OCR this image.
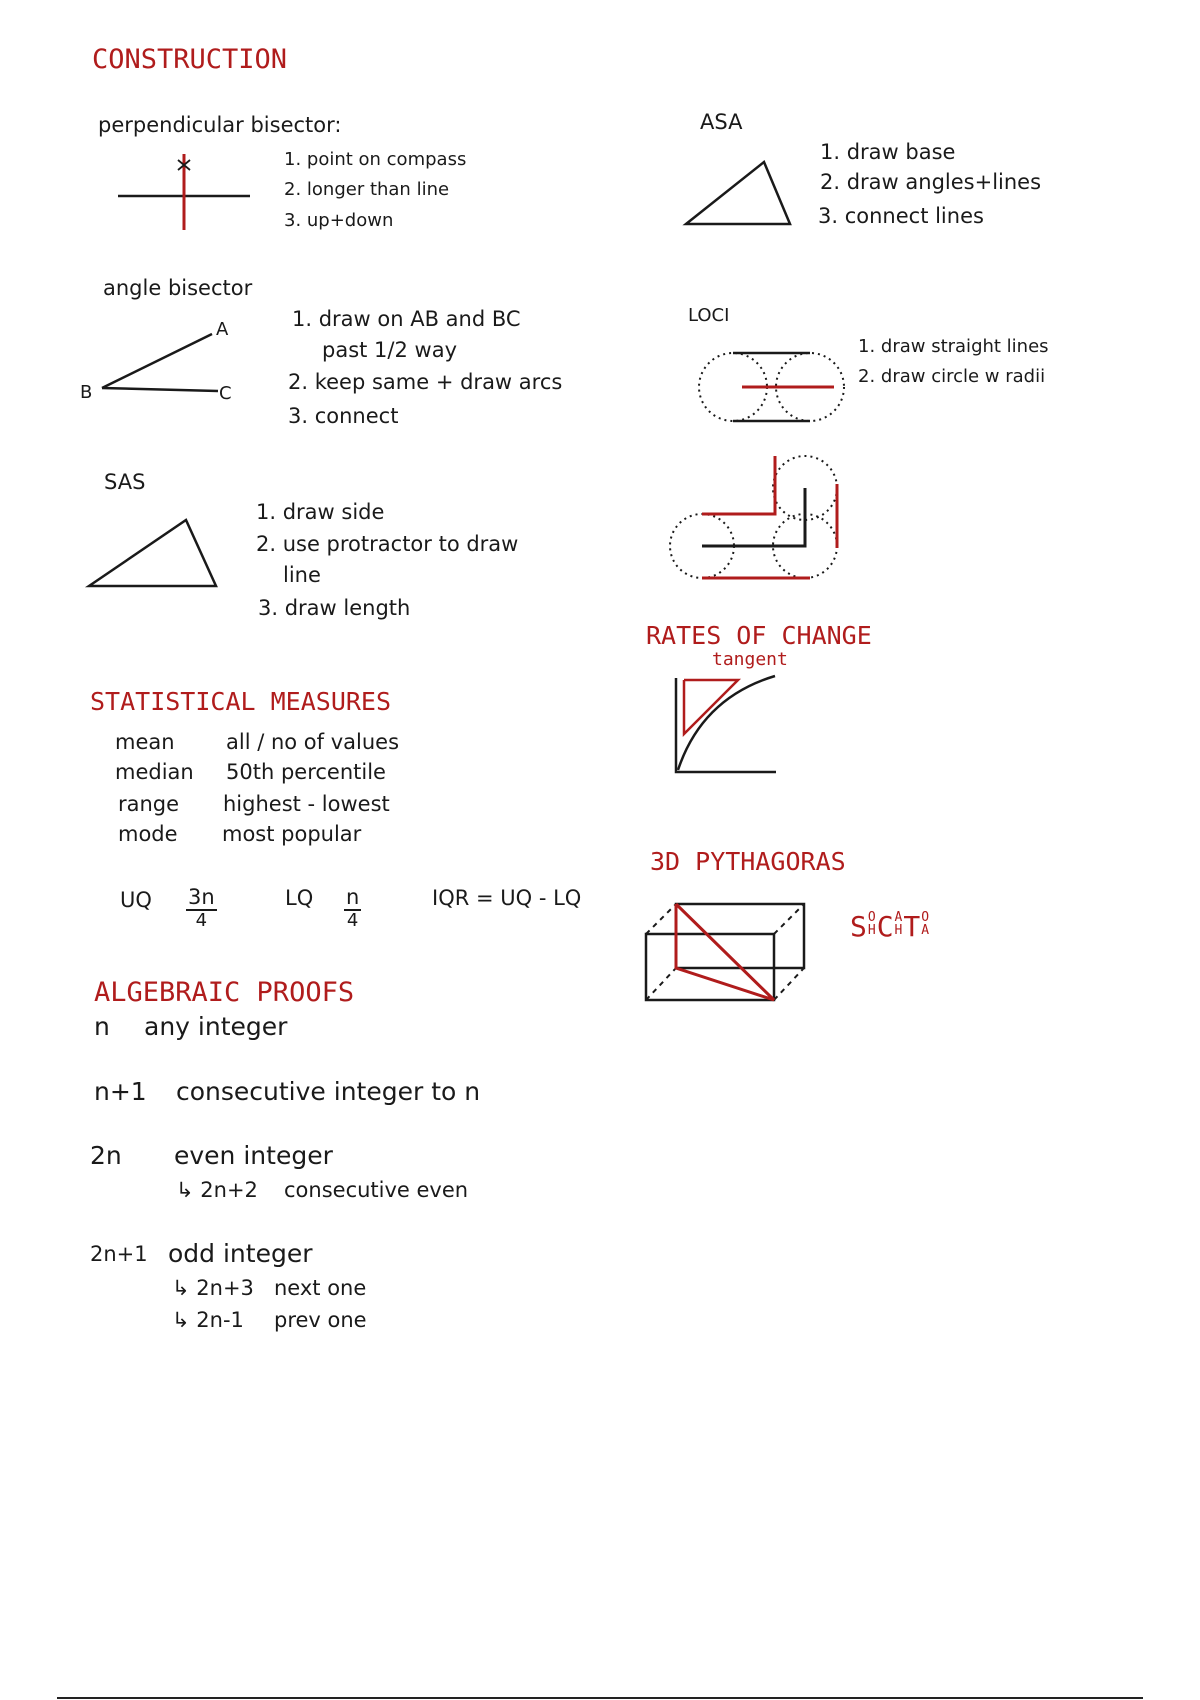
CONSTRUCTION
perpendicular bisector:
1. point on compass
2. longer than line
3. up+down
angle bisector
A
B	C
1. draw on AB and BC
past 1/2 way
2. keep same + draw arcs
3. connect
SAS
1. draw side
2. use protractor to draw
line
3. draw length
ASA
1. draw base
2. draw angles+lines
3. connect lines
LOCI
1. draw straight lines
2. draw circle w radii
RATES OF CHANGE
tangent
STATISTICAL MEASURES
mean all / no of values
median 50th percentile
range highest - lowest
mode most popular
UQ $\frac{3n}{4}$	LQ $\frac{n}{4}$	IQR = UQ - LQ
3D PYTHAGORAS
SO
HCA
HTO
A
ALGEBRAIC PROOFS
n any integer
n+1 consecutive integer to n
2n even integer
↳ 2n+2 consecutive even
2n+1 odd integer
↳ 2n+3 next one
↳ 2n-1 prev one
